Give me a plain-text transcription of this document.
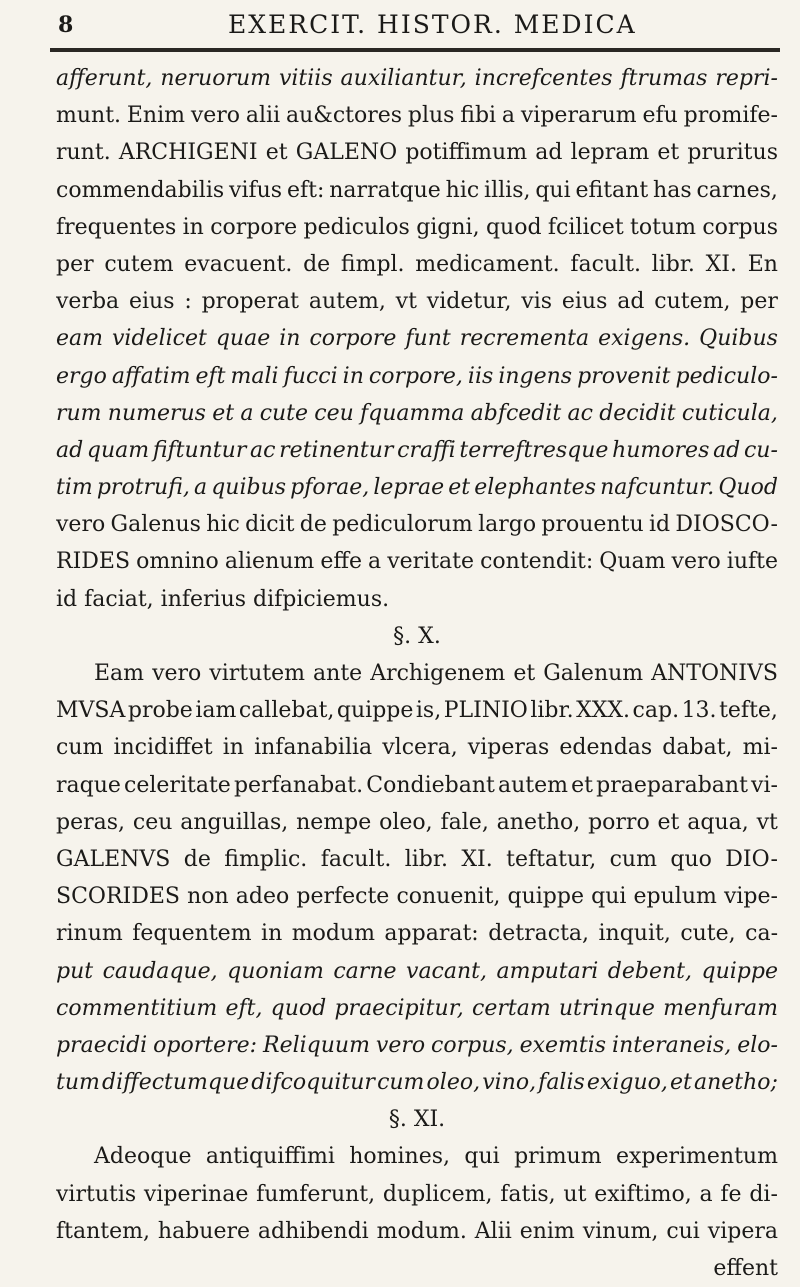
8	EXERCIT. HISTOR. MEDICA
afferunt, neruorum vitiis auxiliantur, increfcentes ftrumas repri-
munt. Enim vero alii au&ctores plus fibi a viperarum efu promife-
runt. ARCHIGENI et GALENO potiffimum ad lepram et pruritus
commendabilis vifus eft: narratque hic illis, qui efitant has carnes,
frequentes in corpore pediculos gigni, quod fcilicet totum corpus
per cutem evacuent. de fimpl. medicament. facult. libr. XI. En
verba eius : properat autem, vt videtur, vis eius ad cutem, per
eam videlicet quae in corpore funt recrementa exigens. Quibus
ergo affatim eft mali fucci in corpore, iis ingens provenit pediculo-
rum numerus et a cute ceu fquamma abfcedit ac decidit cuticula,
ad quam fiftuntur ac retinentur craffi terreftresque humores ad cu-
tim protrufi, a quibus pforae, leprae et elephantes nafcuntur. Quod
vero Galenus hic dicit de pediculorum largo prouentu id DIOSCO-
RIDES omnino alienum effe a veritate contendit: Quam vero iufte
id faciat, inferius difpiciemus.
§. X.
Eam vero virtutem ante Archigenem et Galenum ANTONIVS
MVSA probe iam callebat, quippe is, PLINIO libr. XXX. cap. 13. tefte,
cum incidiffet in infanabilia vlcera, viperas edendas dabat, mi-
raque celeritate perfanabat. Condiebant autem et praeparabant vi-
peras, ceu anguillas, nempe oleo, fale, anetho, porro et aqua, vt
GALENVS de fimplic. facult. libr. XI. teftatur, cum quo DIO-
SCORIDES non adeo perfecte conuenit, quippe qui epulum vipe-
rinum fequentem in modum apparat: detracta, inquit, cute, ca-
put caudaque, quoniam carne vacant, amputari debent, quippe
commentitium eft, quod praecipitur, certam utrinque menfuram
praecidi oportere: Reliquum vero corpus, exemtis interaneis, elo-
tum diffectumque difcoquitur cum oleo, vino, falis exiguo, et anetho;
§. XI.
Adeoque antiquiffimi homines, qui primum experimentum
virtutis viperinae fumferunt, duplicem, fatis, ut exiftimo, a fe di-
ftantem, habuere adhibendi modum. Alii enim vinum, cui vipera
effent
